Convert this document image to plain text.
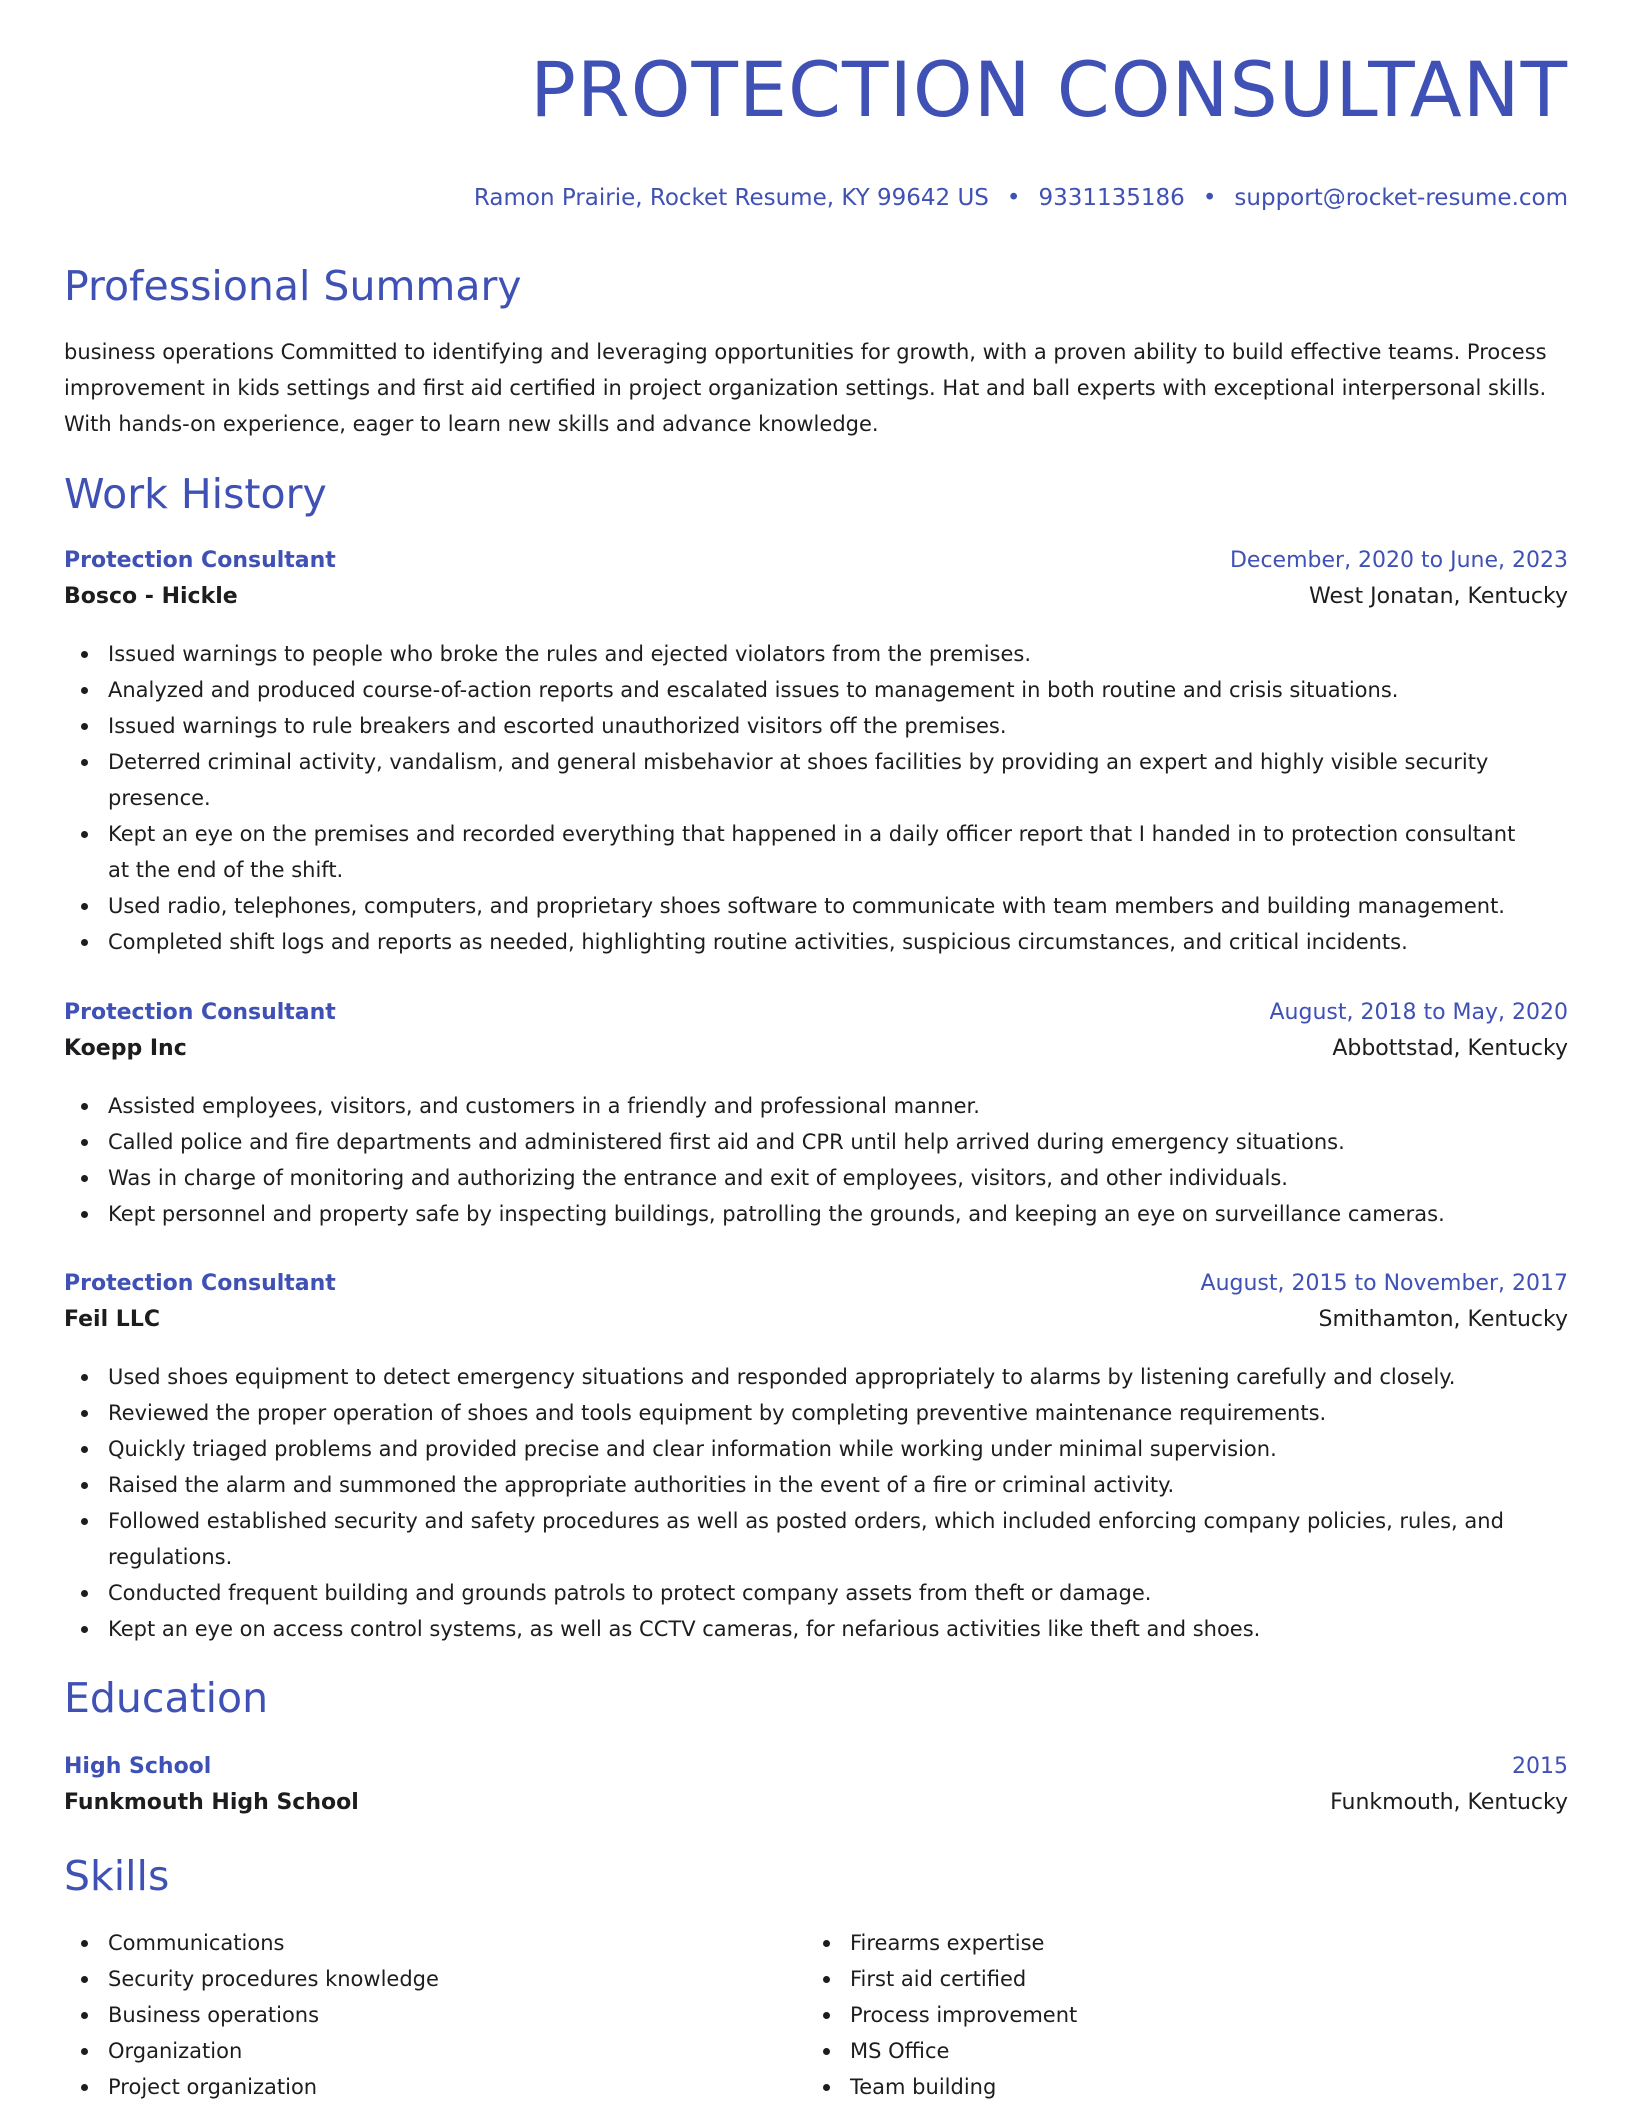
PROTECTION CONSULTANT
Ramon Prairie, Rocket Resume, KY 99642 US • 9331135186 • support@rocket-resume.com
Professional Summary

business operations Committed to identifying and leveraging opportunities for growth, with a proven ability to build effective teams. Process improvement in kids settings and first aid certified in project organization settings. Hat and ball experts with exceptional interpersonal skills. With hands-on experience, eager to learn new skills and advance knowledge.

Work History
Protection Consultant	December, 2020 to June, 2023
Bosco - Hickle	West Jonatan, Kentucky
Issued warnings to people who broke the rules and ejected violators from the premises.
Analyzed and produced course-of-action reports and escalated issues to management in both routine and crisis situations.
Issued warnings to rule breakers and escorted unauthorized visitors off the premises.
Deterred criminal activity, vandalism, and general misbehavior at shoes facilities by providing an expert and highly visible security presence.
Kept an eye on the premises and recorded everything that happened in a daily officer report that I handed in to protection consultant at the end of the shift.
Used radio, telephones, computers, and proprietary shoes software to communicate with team members and building management.
Completed shift logs and reports as needed, highlighting routine activities, suspicious circumstances, and critical incidents.
Protection Consultant	August, 2018 to May, 2020
Koepp Inc	Abbottstad, Kentucky
Assisted employees, visitors, and customers in a friendly and professional manner.
Called police and fire departments and administered first aid and CPR until help arrived during emergency situations.
Was in charge of monitoring and authorizing the entrance and exit of employees, visitors, and other individuals.
Kept personnel and property safe by inspecting buildings, patrolling the grounds, and keeping an eye on surveillance cameras.
Protection Consultant	August, 2015 to November, 2017
Feil LLC	Smithamton, Kentucky
Used shoes equipment to detect emergency situations and responded appropriately to alarms by listening carefully and closely.
Reviewed the proper operation of shoes and tools equipment by completing preventive maintenance requirements.
Quickly triaged problems and provided precise and clear information while working under minimal supervision.
Raised the alarm and summoned the appropriate authorities in the event of a fire or criminal activity.
Followed established security and safety procedures as well as posted orders, which included enforcing company policies, rules, and regulations.
Conducted frequent building and grounds patrols to protect company assets from theft or damage.
Kept an eye on access control systems, as well as CCTV cameras, for nefarious activities like theft and shoes.
Education
High School	2015
Funkmouth High School	Funkmouth, Kentucky
Skills
Communications
Security procedures knowledge
Business operations
Organization
Project organization
Firearms expertise
First aid certified
Process improvement
MS Office
Team building
